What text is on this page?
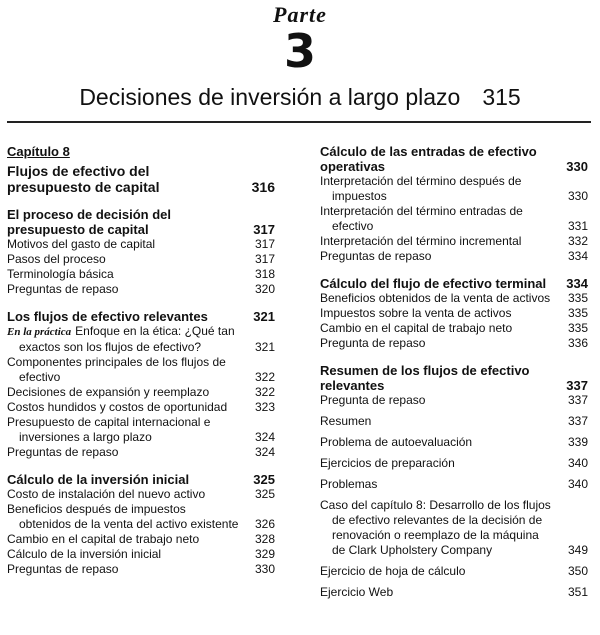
Parte
3
Decisiones de inversión a largo plazo 315
Capítulo 8
Flujos de efectivo del presupuesto de capital	316
El proceso de decisión del presupuesto de capital	317
Motivos del gasto de capital	317
Pasos del proceso	317
Terminología básica	318
Preguntas de repaso	320
Los flujos de efectivo relevantes	321
En la práctica Enfoque en la ética: ¿Qué tan exactos son los flujos de efectivo?	321
Componentes principales de los flujos de efectivo	322
Decisiones de expansión y reemplazo	322
Costos hundidos y costos de oportunidad	323
Presupuesto de capital internacional e inversiones a largo plazo	324
Preguntas de repaso	324
Cálculo de la inversión inicial	325
Costo de instalación del nuevo activo	325
Beneficios después de impuestos obtenidos de la venta del activo existente	326
Cambio en el capital de trabajo neto	328
Cálculo de la inversión inicial	329
Preguntas de repaso	330
Cálculo de las entradas de efectivo operativas	330
Interpretación del término después de impuestos	330
Interpretación del término entradas de efectivo	331
Interpretación del término incremental	332
Preguntas de repaso	334
Cálculo del flujo de efectivo terminal	334
Beneficios obtenidos de la venta de activos	335
Impuestos sobre la venta de activos	335
Cambio en el capital de trabajo neto	335
Pregunta de repaso	336
Resumen de los flujos de efectivo relevantes	337
Pregunta de repaso	337
Resumen	337
Problema de autoevaluación	339
Ejercicios de preparación	340
Problemas	340
Caso del capítulo 8: Desarrollo de los flujos de efectivo relevantes de la decisión de renovación o reemplazo de la máquina de Clark Upholstery Company	349
Ejercicio de hoja de cálculo	350
Ejercicio Web	351
